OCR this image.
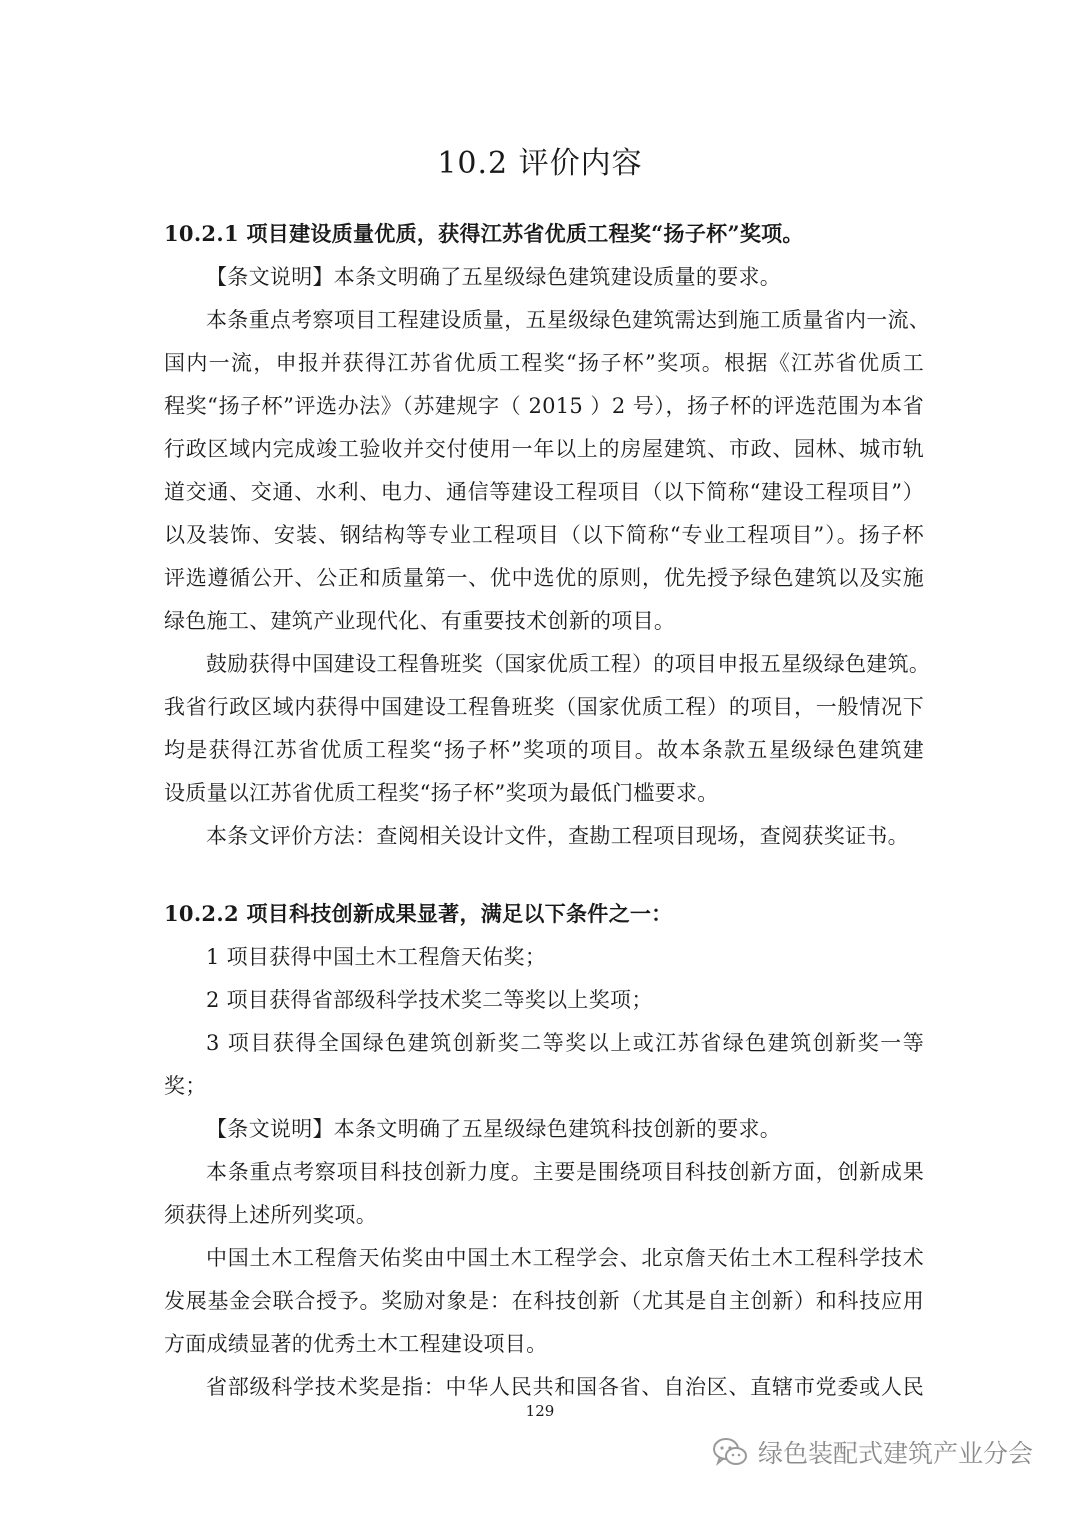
10.2 评价内容
10.2.1 项目建设质量优质，获得江苏省优质工程奖“扬子杯”奖项。
【条文说明】本条文明确了五星级绿色建筑建设质量的要求。
本条重点考察项目工程建设质量，五星级绿色建筑需达到施工质量省内一流、
国内一流，申报并获得江苏省优质工程奖“扬子杯”奖项。根据《江苏省优质工
程奖“扬子杯”评选办法》（苏建规字（ 2015 ）2 号），扬子杯的评选范围为本省
行政区域内完成竣工验收并交付使用一年以上的房屋建筑、市政、园林、城市轨
道交通、交通、水利、电力、通信等建设工程项目（以下简称“建设工程项目”）
以及装饰、安装、钢结构等专业工程项目（以下简称“专业工程项目”）。扬子杯
评选遵循公开、公正和质量第一、优中选优的原则，优先授予绿色建筑以及实施
绿色施工、建筑产业现代化、有重要技术创新的项目。
鼓励获得中国建设工程鲁班奖（国家优质工程）的项目申报五星级绿色建筑。
我省行政区域内获得中国建设工程鲁班奖（国家优质工程）的项目，一般情况下
均是获得江苏省优质工程奖“扬子杯”奖项的项目。故本条款五星级绿色建筑建
设质量以江苏省优质工程奖“扬子杯”奖项为最低门槛要求。
本条文评价方法：查阅相关设计文件，查勘工程项目现场，查阅获奖证书。
10.2.2 项目科技创新成果显著，满足以下条件之一：
1 项目获得中国土木工程詹天佑奖；
2 项目获得省部级科学技术奖二等奖以上奖项；
3 项目获得全国绿色建筑创新奖二等奖以上或江苏省绿色建筑创新奖一等
奖；
【条文说明】本条文明确了五星级绿色建筑科技创新的要求。
本条重点考察项目科技创新力度。主要是围绕项目科技创新方面，创新成果
须获得上述所列奖项。
中国土木工程詹天佑奖由中国土木工程学会、北京詹天佑土木工程科学技术
发展基金会联合授予。奖励对象是：在科技创新（尤其是自主创新）和科技应用
方面成绩显著的优秀土木工程建设项目。
省部级科学技术奖是指：中华人民共和国各省、自治区、直辖市党委或人民
129
绿色装配式建筑产业分会
